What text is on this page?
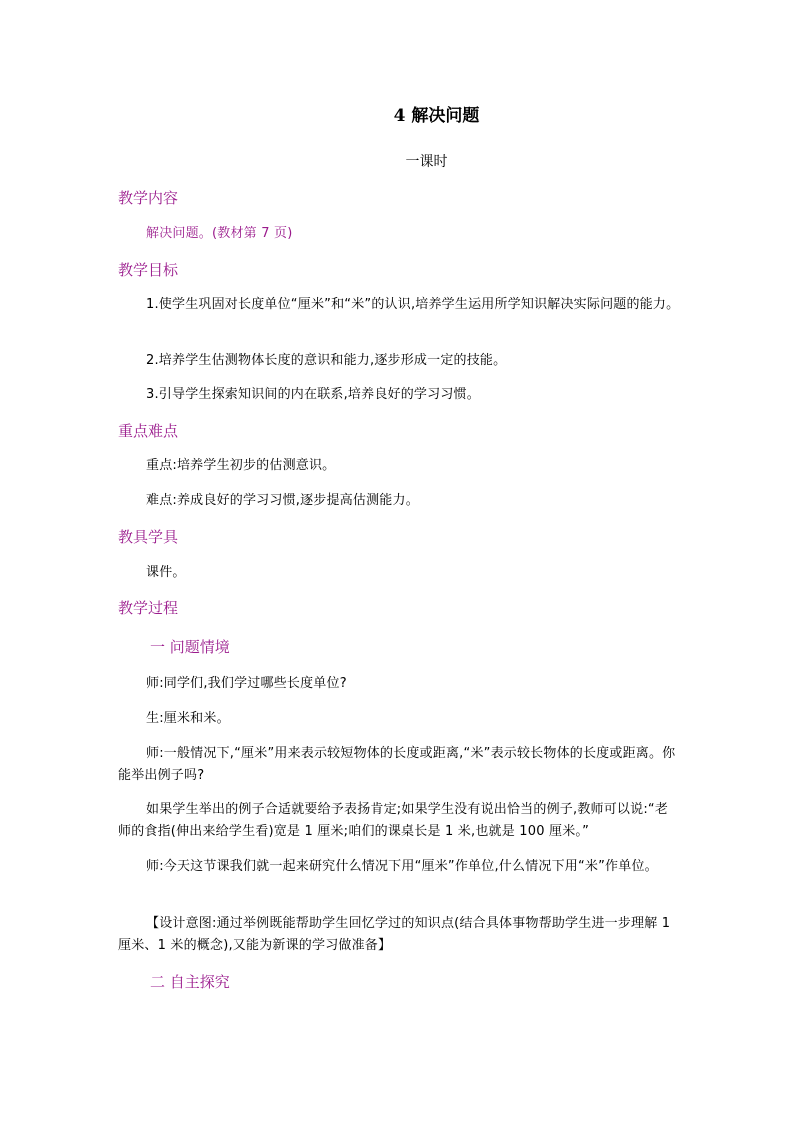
4 解决问题
一课时
教学内容
解决问题。(教材第 7 页)
教学目标
1.使学生巩固对长度单位“厘米”和“米”的认识,培养学生运用所学知识解决实际问题的能力。
2.培养学生估测物体长度的意识和能力,逐步形成一定的技能。
3.引导学生探索知识间的内在联系,培养良好的学习习惯。
重点难点
重点:培养学生初步的估测意识。
难点:养成良好的学习习惯,逐步提高估测能力。
教具学具
课件。
教学过程
一 问题情境
师:同学们,我们学过哪些长度单位?
生:厘米和米。
师:一般情况下,“厘米”用来表示较短物体的长度或距离,“米”表示较长物体的长度或距离。你能举出例子吗?
如果学生举出的例子合适就要给予表扬肯定;如果学生没有说出恰当的例子,教师可以说:“老师的食指(伸出来给学生看)宽是 1 厘米;咱们的课桌长是 1 米,也就是 100 厘米。”
师:今天这节课我们就一起来研究什么情况下用“厘米”作单位,什么情况下用“米”作单位。
【设计意图:通过举例既能帮助学生回忆学过的知识点(结合具体事物帮助学生进一步理解 1 厘米、1 米的概念),又能为新课的学习做准备】
二 自主探究
